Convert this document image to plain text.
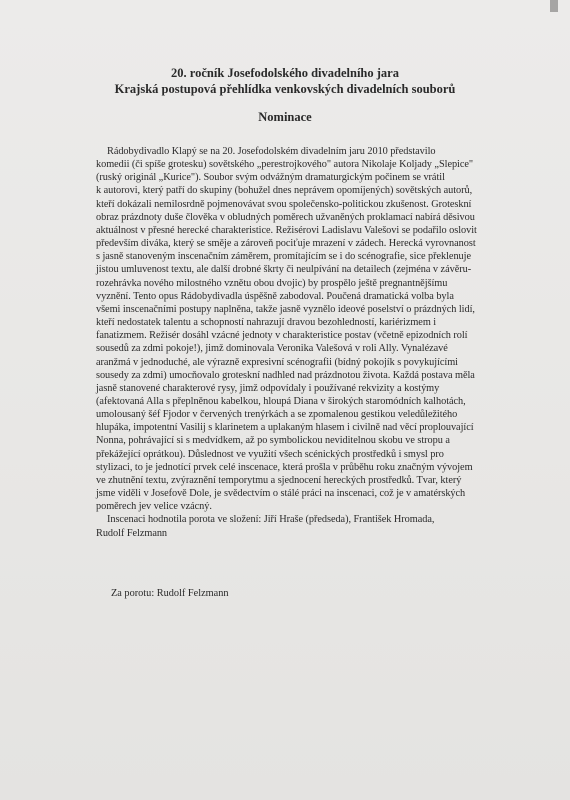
20. ročník Josefodolského divadelního jara
Krajská postupová přehlídka venkovských divadelních souborů
Nominace
Rádobydivadlo Klapý se na 20. Josefodolském divadelním jaru 2010 představilo
komedii (či spíše grotesku) sovětského „perestrojkového" autora Nikolaje Koljady „Slepice"
(ruský originál „Kurice"). Soubor svým odvážným dramaturgickým počinem se vrátil
k autorovi, který patří do skupiny (bohužel dnes neprávem opomíjených) sovětských autorů,
kteří dokázali nemilosrdně pojmenovávat svou společensko-politickou zkušenost. Groteskní
obraz prázdnoty duše člověka v obludných poměrech užvaněných proklamací nabírá děsivou
aktuálnost v přesné herecké charakteristice. Režisérovi Ladislavu Valešovi se podařilo oslovit
především diváka, který se směje a zároveň pociťuje mrazení v zádech. Herecká vyrovnanost
s jasně stanoveným inscenačním záměrem, promítajícím se i do scénografie, sice překlenuje
jistou umluvenost textu, ale další drobné škrty či neulpívání na detailech (zejména v závěru-
rozehrávka nového milostného vznětu obou dvojic) by prospělo ještě pregnantnějšímu
vyznění. Tento opus Rádobydivadla úspěšně zabodoval. Poučená dramatická volba byla
všemi inscenačními postupy naplněna, takže jasně vyznělo ideové poselství o prázdných lidí,
kteří nedostatek talentu a schopností nahrazují dravou bezohledností, kariérizmem i
fanatizmem. Režisér dosáhl vzácné jednoty v charakteristice postav (včetně epizodních rolí
sousedů za zdmi pokoje!), jimž dominovala Veronika Valešová v roli Ally. Vynalézavé
aranžmá v jednoduché, ale výrazně expresivní scénografii (bídný pokojík s povykujícími
sousedy za zdmi) umocňovalo groteskní nadhled nad prázdnotou života. Každá postava měla
jasně stanovené charakterové rysy, jimž odpovídaly i používané rekvizity a kostýmy
(afektovaná Alla s přeplněnou kabelkou, hloupá Diana v širokých staromódních kalhotách,
umolousaný šéf Fjodor v červených trenýrkách a se zpomalenou gestikou veledůležitého
hlupáka, impotentní Vasilij s klarinetem a uplakaným hlasem i civilně nad věcí proplouvající
Nonna, pohrávající si s medvídkem, až po symbolickou neviditelnou skobu ve stropu a
překážející oprátkou). Důslednost ve využití všech scénických prostředků i smysl pro
stylizaci, to je jednotící prvek celé inscenace, která prošla v průběhu roku značným vývojem
ve zhutnění textu, zvýraznění temporytmu a sjednocení hereckých prostředků. Tvar, který
jsme viděli v Josefově Dole, je svědectvím o stálé práci na inscenaci, což je v amatérských
poměrech jev velice vzácný.
Inscenaci hodnotila porota ve složení: Jiří Hraše (předseda), František Hromada,
Rudolf Felzmann
Za porotu: Rudolf Felzmann
